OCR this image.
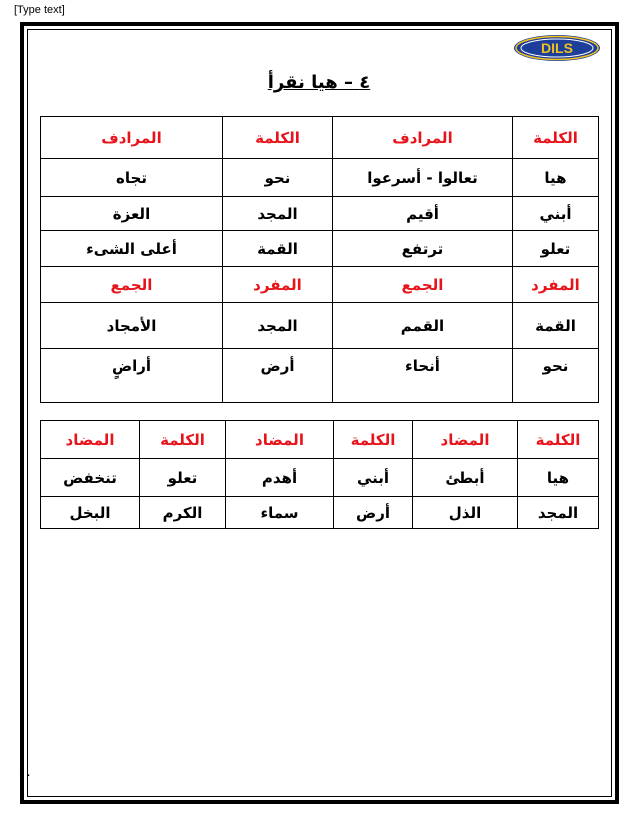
[Type text]
DILS
٤ – هيا نقرأ
الكلمة	المرادف	الكلمة	المرادف
هيا	تعالوا - أسرعوا	نحو	تجاه
أبني	أقيم	المجد	العزة
تعلو	ترتفع	القمة	أعلى الشىء
المفرد	الجمع	المفرد	الجمع
القمة	القمم	المجد	الأمجاد
نحو	أنحاء	أرض	أراضٍ
الكلمة	المضاد	الكلمة	المضاد	الكلمة	المضاد
هيا	أبطئ	أبني	أهدم	تعلو	تنخفض
المجد	الذل	أرض	سماء	الكرم	البخل
١٠
